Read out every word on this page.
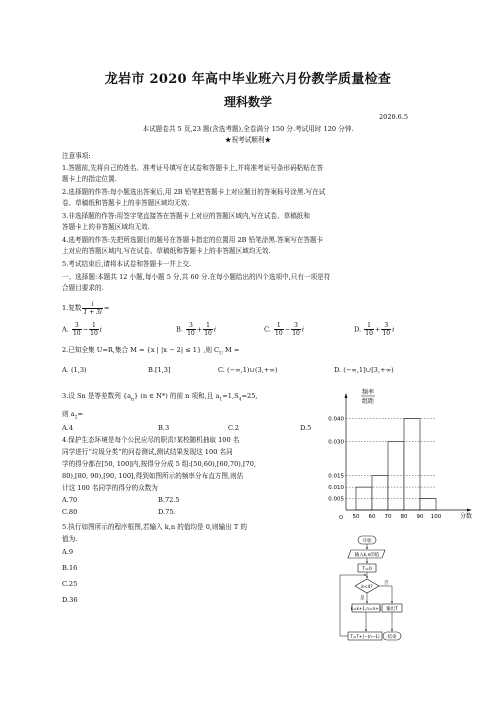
龙岩市 2020 年高中毕业班六月份教学质量检查
理科数学
2020.6.5
本试题卷共 5 页,23 题(含选考题),全卷满分 150 分.考试用时 120 分钟.
★祝考试顺利★
注意事项:
1.答题前,先将自己的姓名、准考证号填写在试卷和答题卡上,并将准考证号条形码粘贴在答
题卡上的指定位置.
2.选择题的作答:每小题选出答案后,用 2B 铅笔把答题卡上对应题目的答案标号涂黑.写在试
卷、草稿纸和答题卡上的非答题区域均无效.
3.非选择题的作答:用签字笔直接答在答题卡上对应的答题区域内,写在试卷、草稿纸和
答题卡上的非答题区域均无效.
4.选考题的作答:先把所选题目的题号在答题卡指定的位置用 2B 铅笔涂黑.答案写在答题卡
上对应的答题区域内,写在试卷、草稿纸和答题卡上的非答题区域均无效.
5.考试结束后,请将本试卷和答题卡一并上交.
一、选择题:本题共 12 小题,每小题 5 分,共 60 分.在每小题给出的四个选项中,只有一项是符
合题目要求的.
1.复数 $\frac{i}{1 + 3i}$ =
A. $\frac{3}{10} - \frac{1}{10}$ i	B. $\frac{3}{10} + \frac{1}{10}$ i	C. $\frac{1}{10} - \frac{3}{10}$ i	D. $\frac{1}{10} + \frac{3}{10}$ i
2.已知全集 U=R,集合 M = {x | |x − 2| ≤ 1} ,则 $C_U$ M =
A. (1,3)	B.[1,3]	C. (−∞,1)∪(3,+∞)	D. (−∞,1]∪[3,+∞)
3.设 Sn 是等差数列 $\{a_n\}$ (n ∈ N*) 的前 n 项和,且 $a_1=1,S_4=25$,
则 $a_2=$
A.4	B.3	C.2	D.5
4.保护生态环境是每个公民应尽的职责!某校随机抽取 100 名
同学进行“垃圾分类”的问卷测试,测试结果发现这 100 名同
学的得分都在[50, 100]内,按得分分成 5 组:[50,60),[60,70),[70,
80),[80, 90),[90, 100],得到如图所示的频率分布直方图,则估
计这 100 名同学的得分的众数为
A.70	B.72.5
C.80	D.75.
5.执行如图所示的程序框图,若输入 k,n 的值均是 0,则输出 T 的
值为.
A.9
B.16
C.25
D.36
频率
组距
分数
O
0.040
0.030
0.015
0.010
0.005
50 60 70 80 90 100
开始
输入k,n的值
T=0
k<4?
否
输出T
结束
是
k=k+1,n=n+1
T=T+(−(n−1)
